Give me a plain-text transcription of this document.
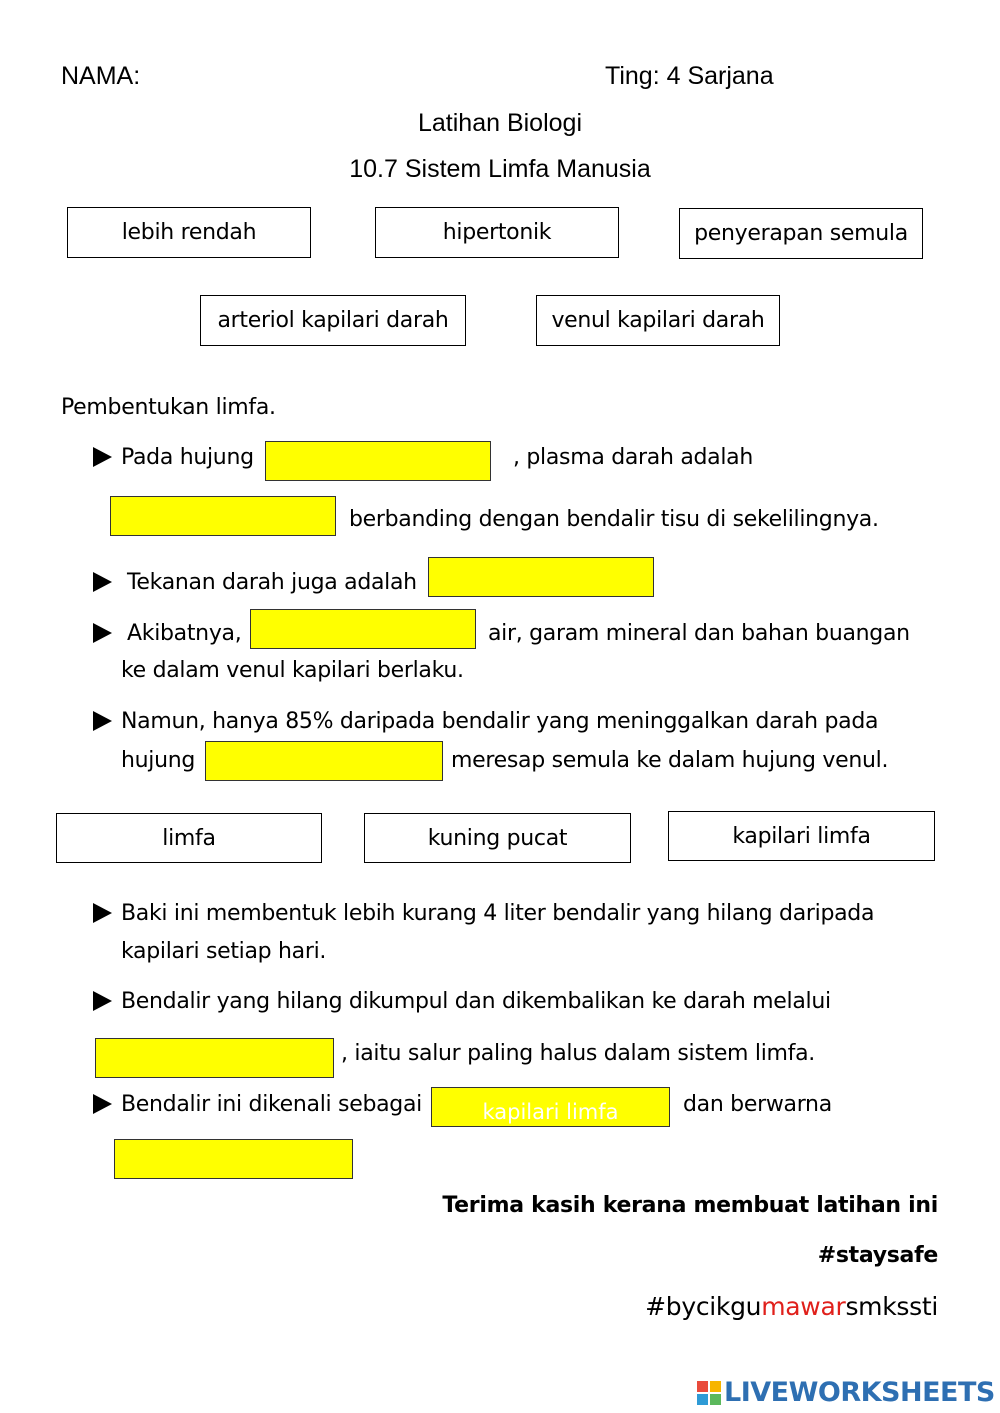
NAMA:	Ting: 4 Sarjana
Latihan Biologi
10.7 Sistem Limfa Manusia
lebih rendah	hipertonik	penyerapan semula
arteriol kapilari darah	venul kapilari darah
Pembentukan limfa.
Pada hujung	, plasma darah adalah
berbanding dengan bendalir tisu di sekelilingnya.
Tekanan darah juga adalah
Akibatnya,	air, garam mineral dan bahan buangan
ke dalam venul kapilari berlaku.
Namun, hanya 85% daripada bendalir yang meninggalkan darah pada
hujung	meresap semula ke dalam hujung venul.
limfa	kuning pucat	kapilari limfa
Baki ini membentuk lebih kurang 4 liter bendalir yang hilang daripada
kapilari setiap hari.
Bendalir yang hilang dikumpul dan dikembalikan ke darah melalui
, iaitu salur paling halus dalam sistem limfa.
Bendalir ini dikenali sebagai	kapilari limfa	dan berwarna
Terima kasih kerana membuat latihan ini
#staysafe
#bycikgumawarsmkssti
LIVEWORKSHEETS
